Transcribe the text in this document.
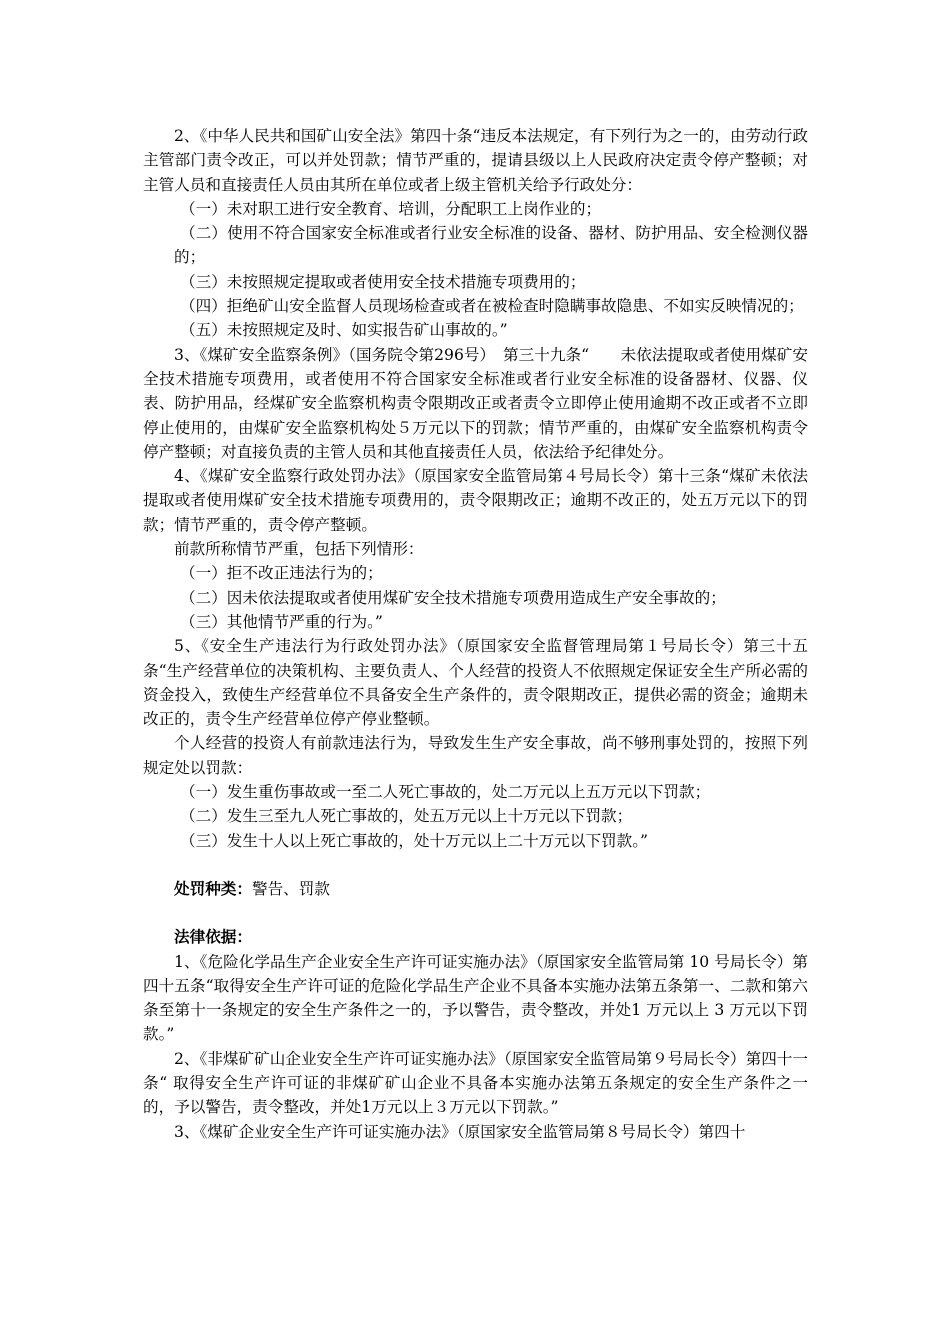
2、《中华人民共和国矿山安全法》第四十条“违反本法规定，有下列行为之一的，由劳动行政主管部门责令改正，可以并处罚款；情节严重的，提请县级以上人民政府决定责令停产整顿；对主管人员和直接责任人员由其所在单位或者上级主管机关给予行政处分：

（一）未对职工进行安全教育、培训，分配职工上岗作业的；

（二）使用不符合国家安全标准或者行业安全标准的设备、器材、防护用品、安全检测仪器的；

（三）未按照规定提取或者使用安全技术措施专项费用的；

（四）拒绝矿山安全监督人员现场检查或者在被检查时隐瞒事故隐患、不如实反映情况的；

（五）未按照规定及时、如实报告矿山事故的。”

3、《煤矿安全监察条例》（国务院令第296号）　第三十九条“　　未依法提取或者使用煤矿安全技术措施专项费用，或者使用不符合国家安全标准或者行业安全标准的设备器材、仪器、仪表、防护用品，经煤矿安全监察机构责令限期改正或者责令立即停止使用逾期不改正或者不立即停止使用的，由煤矿安全监察机构处５万元以下的罚款；情节严重的，由煤矿安全监察机构责令停产整顿；对直接负责的主管人员和其他直接责任人员，依法给予纪律处分。

4、《煤矿安全监察行政处罚办法》（原国家安全监管局第４号局长令）第十三条“煤矿未依法提取或者使用煤矿安全技术措施专项费用的，责令限期改正；逾期不改正的，处五万元以下的罚款；情节严重的，责令停产整顿。

前款所称情节严重，包括下列情形：

（一）拒不改正违法行为的；

（二）因未依法提取或者使用煤矿安全技术措施专项费用造成生产安全事故的；

（三）其他情节严重的行为。”

5、《安全生产违法行为行政处罚办法》（原国家安全监督管理局第１号局长令）第三十五条“生产经营单位的决策机构、主要负责人、个人经营的投资人不依照规定保证安全生产所必需的资金投入，致使生产经营单位不具备安全生产条件的，责令限期改正，提供必需的资金；逾期未改正的，责令生产经营单位停产停业整顿。

个人经营的投资人有前款违法行为，导致发生生产安全事故，尚不够刑事处罚的，按照下列规定处以罚款：

（一）发生重伤事故或一至二人死亡事故的，处二万元以上五万元以下罚款；

（二）发生三至九人死亡事故的，处五万元以上十万元以下罚款；

（三）发生十人以上死亡事故的，处十万元以上二十万元以下罚款。”

处罚种类：警告、罚款

法律依据：

1、《危险化学品生产企业安全生产许可证实施办法》（原国家安全监管局第 10 号局长令）第四十五条“取得安全生产许可证的危险化学品生产企业不具备本实施办法第五条第一、二款和第六条至第十一条规定的安全生产条件之一的，予以警告，责令整改，并处1 万元以上 3 万元以下罚款。”

2、《非煤矿矿山企业安全生产许可证实施办法》（原国家安全监管局第９号局长令）第四十一条“ 取得安全生产许可证的非煤矿矿山企业不具备本实施办法第五条规定的安全生产条件之一的，予以警告，责令整改，并处1万元以上３万元以下罚款。”

3、《煤矿企业安全生产许可证实施办法》（原国家安全监管局第８号局长令）第四十
